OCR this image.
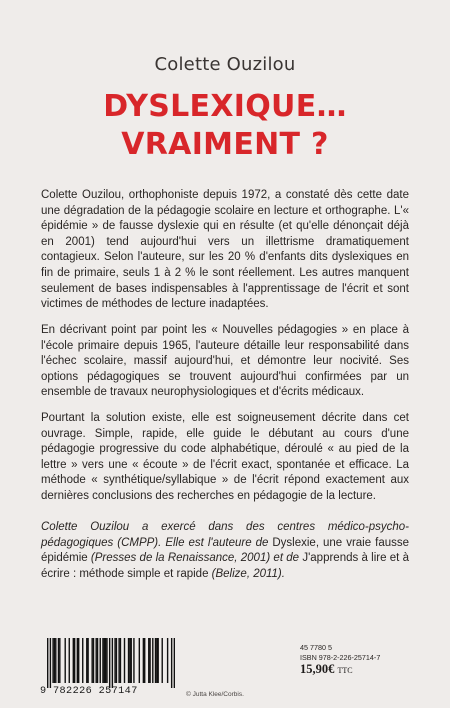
Colette Ouzilou
DYSLEXIQUE…
VRAIMENT ?

Colette Ouzilou, orthophoniste depuis 1972, a constaté dès cette date une dégradation de la pédagogie scolaire en lecture et orthographe. L'« épidémie » de fausse dyslexie qui en résulte (et qu'elle dénonçait déjà en 2001) tend aujourd'hui vers un illettrisme dramatiquement contagieux. Selon l'auteure, sur les 20 % d'enfants dits dyslexiques en fin de primaire, seuls 1 à 2 % le sont réellement. Les autres manquent seulement de bases indispensables à l'apprentissage de l'écrit et sont victimes de méthodes de lecture inadaptées.

En décrivant point par point les « Nouvelles pédagogies » en place à l'école primaire depuis 1965, l'auteure détaille leur responsabilité dans l'échec scolaire, massif aujourd'hui, et démontre leur nocivité. Ses options pédagogiques se trouvent aujourd'hui confirmées par un ensemble de travaux neurophysiologiques et d'écrits médicaux.

Pourtant la solution existe, elle est soigneusement décrite dans cet ouvrage. Simple, rapide, elle guide le débutant au cours d'une pédagogie progressive du code alphabétique, déroulé « au pied de la lettre » vers une « écoute » de l'écrit exact, spontanée et efficace. La méthode « synthétique/syllabique » de l'écrit répond exactement aux dernières conclusions des recherches en pédagogie de la lecture.

Colette Ouzilou a exercé dans des centres médico-psycho-pédagogiques (CMPP). Elle est l'auteure de Dyslexie, une vraie fausse épidémie (Presses de la Renaissance, 2001) et de J'apprends à lire et à écrire : méthode simple et rapide (Belize, 2011).

9 782226 257147	© Jutta Klee/Corbis.
45 7780 5
ISBN 978-2-226-25714-7
15,90€ TTC
